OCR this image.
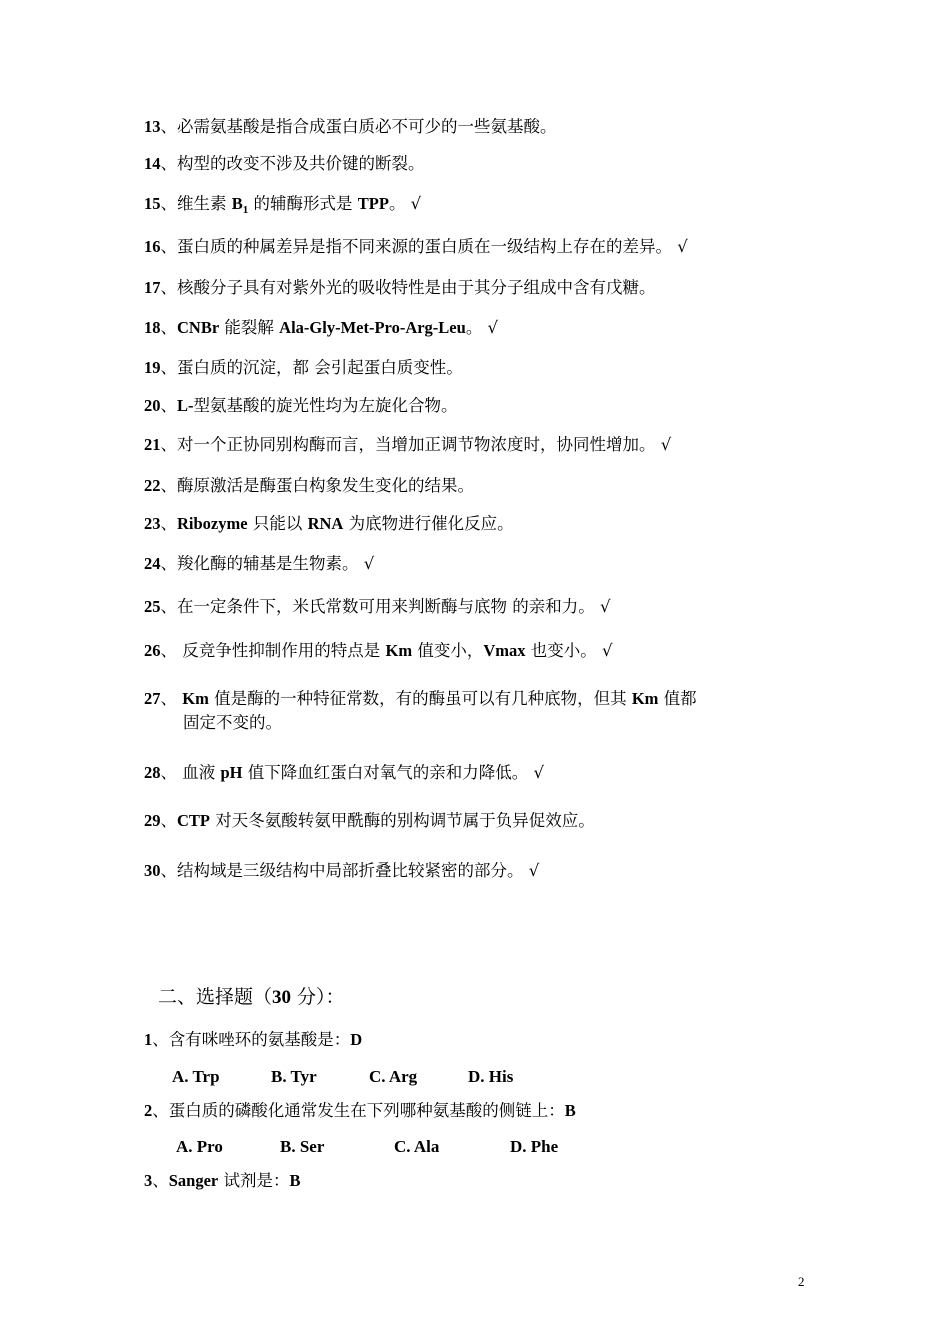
13、必需氨基酸是指合成蛋白质必不可少的一些氨基酸。
14、构型的改变不涉及共价键的断裂。
15、维生素 $B_1$ 的辅酶形式是 TPP。 √
16、蛋白质的种属差异是指不同来源的蛋白质在一级结构上存在的差异。 √
17、核酸分子具有对紫外光的吸收特性是由于其分子组成中含有戊糖。
18、CNBr 能裂解 Ala-Gly-Met-Pro-Arg-Leu。 √
19、蛋白质的沉淀，都 会引起蛋白质变性。
20、L-型氨基酸的旋光性均为左旋化合物。
21、对一个正协同别构酶而言，当增加正调节物浓度时，协同性增加。 √
22、酶原激活是酶蛋白构象发生变化的结果。
23、Ribozyme 只能以 RNA 为底物进行催化反应。
24、羧化酶的辅基是生物素。 √
25、在一定条件下，米氏常数可用来判断酶与底物 的亲和力。 √
26、 反竞争性抑制作用的特点是 Km 值变小，Vmax 也变小。 √
27、 Km 值是酶的一种特征常数，有的酶虽可以有几种底物，但其 Km 值都
固定不变的。
28、 血液 pH 值下降血红蛋白对氧气的亲和力降低。 √
29、CTP 对天冬氨酸转氨甲酰酶的别构调节属于负异促效应。
30、结构域是三级结构中局部折叠比较紧密的部分。 √
二、选择题（30 分）：
1、含有咪唑环的氨基酸是：D
A. Trp	B. Tyr	C. Arg	D. His
2、蛋白质的磷酸化通常发生在下列哪种氨基酸的侧链上：B
A. Pro	B. Ser	C. Ala	D. Phe
3、Sanger 试剂是：B
2
